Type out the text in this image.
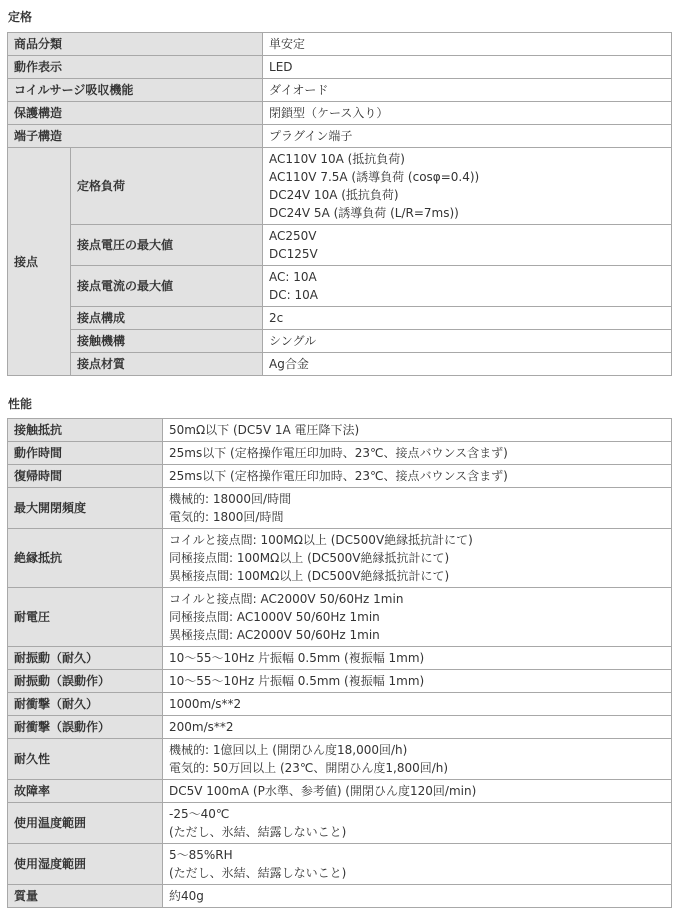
定格
商品分類		単安定
動作表示		LED
コイルサージ吸収機能		ダイオード
保護構造		閉鎖型（ケース入り）
端子構造		プラグイン端子
接点	定格負荷	AC110V 10A (抵抗負荷)
AC110V 7.5A (誘導負荷 (cosφ=0.4))
DC24V 10A (抵抗負荷)
DC24V 5A (誘導負荷 (L/R=7ms))

	接点電圧の最大値	AC250V
DC125V

	接点電流の最大値	AC: 10A
DC: 10A

	接点構成	2c
	接触機構	シングル
	接点材質	Ag合金
性能
接触抵抗	50mΩ以下 (DC5V 1A 電圧降下法)
動作時間	25ms以下 (定格操作電圧印加時、23℃、接点バウンス含まず)
復帰時間	25ms以下 (定格操作電圧印加時、23℃、接点バウンス含まず)
最大開閉頻度	機械的: 18000回/時間
電気的: 1800回/時間

絶縁抵抗	コイルと接点間: 100MΩ以上 (DC500V絶縁抵抗計にて)
同極接点間: 100MΩ以上 (DC500V絶縁抵抗計にて)
異極接点間: 100MΩ以上 (DC500V絶縁抵抗計にて)

耐電圧	コイルと接点間: AC2000V 50/60Hz 1min
同極接点間: AC1000V 50/60Hz 1min
異極接点間: AC2000V 50/60Hz 1min

耐振動（耐久）	10～55～10Hz 片振幅 0.5mm (複振幅 1mm)
耐振動（誤動作）	10～55～10Hz 片振幅 0.5mm (複振幅 1mm)
耐衝撃（耐久）	1000m/s**2
耐衝撃（誤動作）	200m/s**2
耐久性	機械的: 1億回以上 (開閉ひん度18,000回/h)
電気的: 50万回以上 (23℃、開閉ひん度1,800回/h)

故障率	DC5V 100mA (P水準、参考値) (開閉ひん度120回/min)
使用温度範囲	-25～40℃
(ただし、氷結、結露しないこと)

使用湿度範囲	5～85%RH
(ただし、氷結、結露しないこと)

質量	約40g
